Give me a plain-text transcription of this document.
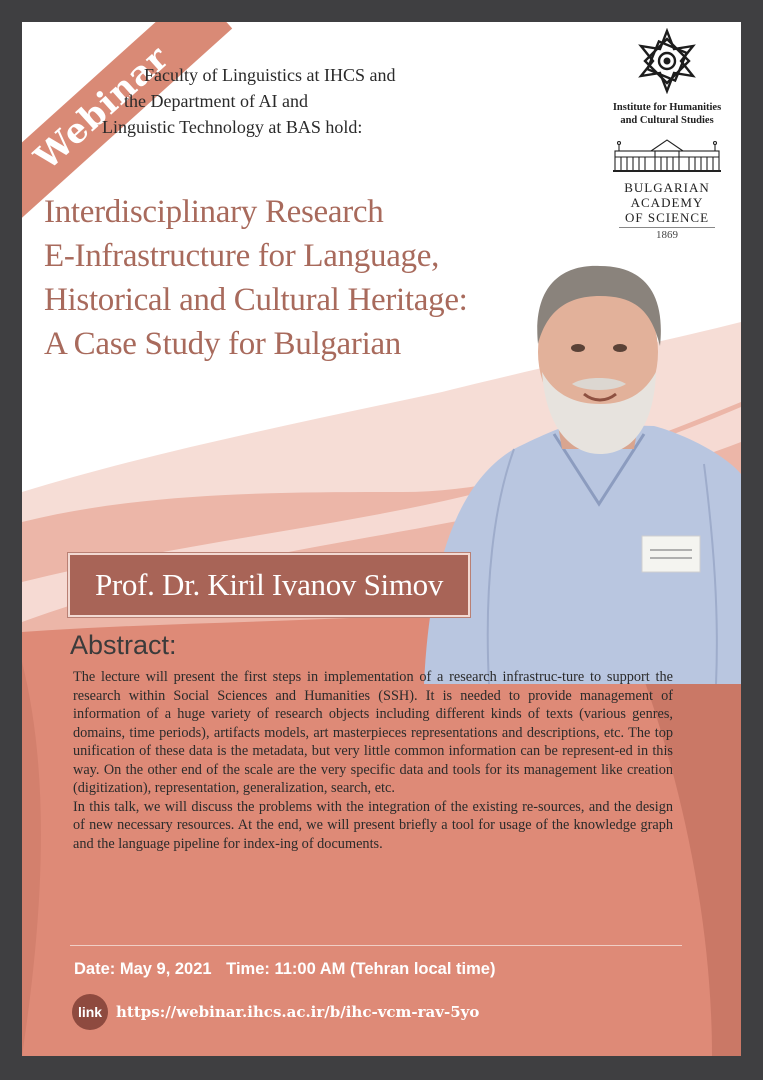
Webinar
Faculty of Linguistics at IHCS and
the Department of AI and
Linguistic Technology at BAS hold:
Institute for Humanities
and Cultural Studies
BULGARIAN
ACADEMY
OF SCIENCE
1869
Interdisciplinary Research
E-Infrastructure for Language,
Historical and Cultural Heritage:
A Case Study for Bulgarian
Prof. Dr. Kiril Ivanov Simov
Abstract:

The lecture will present the first steps in implementation of a research infrastruc-ture to support the research within Social Sciences and Humanities (SSH). It is needed to provide management of information of a huge variety of research objects including different kinds of texts (various genres, domains, time periods), artifacts models, art masterpieces representations and descriptions, etc. The top unification of these data is the metadata, but very little common information can be represent-ed in this way. On the other end of the scale are the very specific data and tools for its management like creation (digitization), representation, generalization, search, etc.

In this talk, we will discuss the problems with the integration of the existing re-sources, and the design of new necessary resources. At the end, we will present briefly a tool for usage of the knowledge graph and the language pipeline for index-ing of documents.

Date: May 9, 2021 Time: 11:00 AM (Tehran local time)
link https://webinar.ihcs.ac.ir/b/ihc-vcm-rav-5yo
